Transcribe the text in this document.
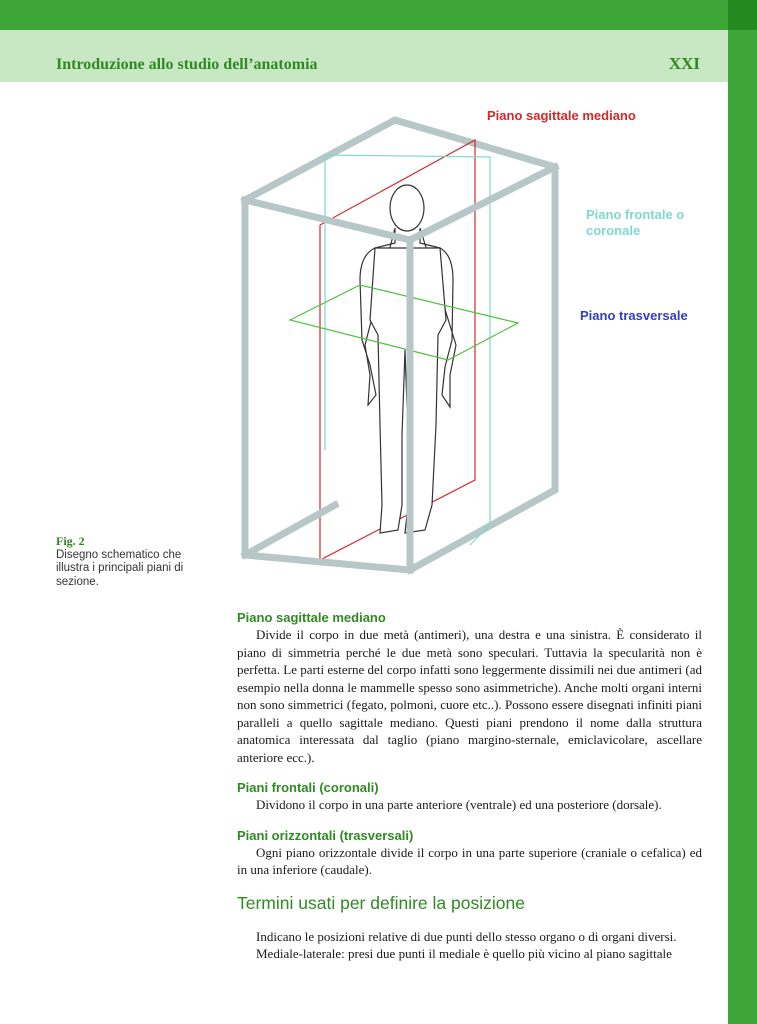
Introduzione allo studio dell’anatomia	XXI
Piano sagittale mediano
Piano frontale o
coronale
Piano trasversale
Fig. 2
Disegno schematico che illustra i principali piani di sezione.
Piano sagittale mediano

Divide il corpo in due metà (antimeri), una destra e una sinistra. È considerato il piano di simmetria perché le due metà sono speculari. Tuttavia la specularità non è perfetta. Le parti esterne del corpo infatti sono leggermente dissimili nei due antimeri (ad esempio nella donna le mammelle spesso sono asimmetriche). Anche molti organi interni non sono simmetrici (fegato, polmoni, cuore etc..). Possono essere disegnati infiniti piani paralleli a quello sagittale mediano. Questi piani prendono il nome dalla struttura anatomica interessata dal taglio (piano margino-sternale, emiclavicolare, ascellare anteriore ecc.).

Piani frontali (coronali)

Dividono il corpo in una parte anteriore (ventrale) ed una posteriore (dorsale).

Piani orizzontali (trasversali)

Ogni piano orizzontale divide il corpo in una parte superiore (craniale o cefalica) ed in una inferiore (caudale).

Termini usati per definire la posizione

Indicano le posizioni relative di due punti dello stesso organo o di organi diversi.

Mediale-laterale: presi due punti il mediale è quello più vicino al piano sagittale
